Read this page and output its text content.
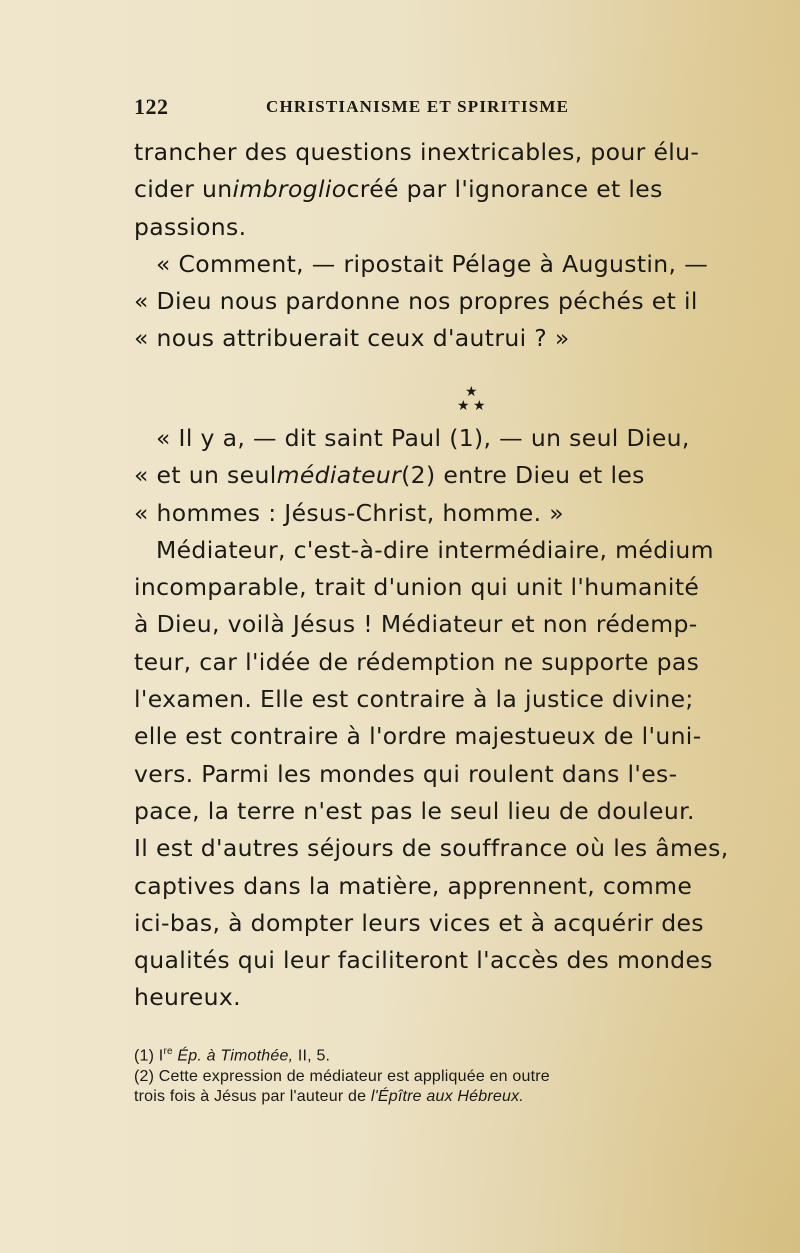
122	CHRISTIANISME ET SPIRITISME
trancher des questions inextricables, pour élu-
cider un imbroglio créé par l'ignorance et les
passions.
« Comment, — ripostait Pélage à Augustin, —
« Dieu nous pardonne nos propres péchés et il
« nous attribuerait ceux d'autrui ? »
★
★ ★
« Il y a, — dit saint Paul (1), — un seul Dieu,
« et un seul médiateur (2) entre Dieu et les
« hommes : Jésus-Christ, homme. »
Médiateur, c'est-à-dire intermédiaire, médium
incomparable, trait d'union qui unit l'humanité
à Dieu, voilà Jésus ! Médiateur et non rédemp-
teur, car l'idée de rédemption ne supporte pas
l'examen. Elle est contraire à la justice divine;
elle est contraire à l'ordre majestueux de l'uni-
vers. Parmi les mondes qui roulent dans l'es-
pace, la terre n'est pas le seul lieu de douleur.
Il est d'autres séjours de souffrance où les âmes,
captives dans la matière, apprennent, comme
ici-bas, à dompter leurs vices et à acquérir des
qualités qui leur faciliteront l'accès des mondes
heureux.
(1) Ire Ép. à Timothée, II, 5.
(2) Cette expression de médiateur est appliquée en outre
trois fois à Jésus par l'auteur de l'Épître aux Hébreux.
